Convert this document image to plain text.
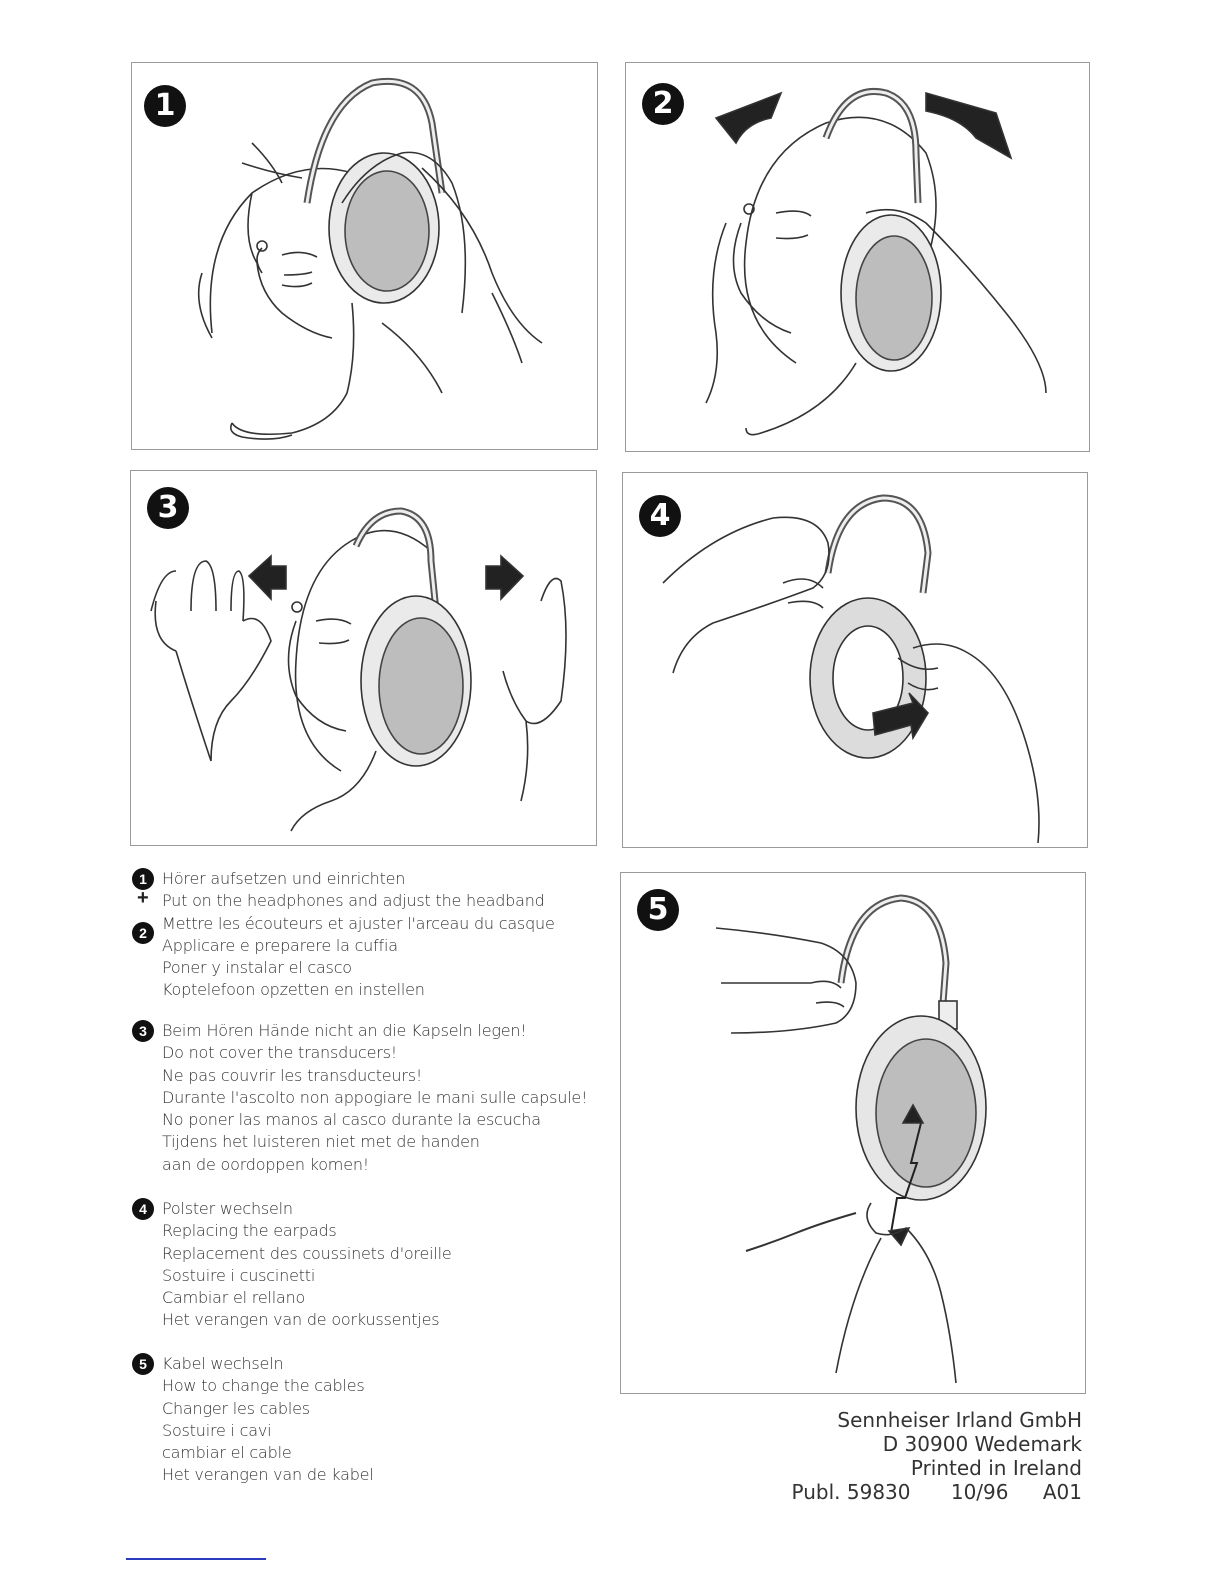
1	2
3	4
5
1
+
2
Hörer aufsetzen und einrichten
Put on the headphones and adjust the headband
Mettre les écouteurs et ajuster l'arceau du casque
Applicare e preparere la cuffia
Poner y instalar el casco
Koptelefoon opzetten en instellen
3 Beim Hören Hände nicht an die Kapseln legen!
Do not cover the transducers!
Ne pas couvrir les transducteurs!
Durante l'ascolto non appogiare le mani sulle capsule!
No poner las manos al casco durante la escucha
Tijdens het luisteren niet met de handen
aan de oordoppen komen!
4 Polster wechseln
Replacing the earpads
Replacement des coussinets d'oreille
Sostuire i cuscinetti
Cambiar el rellano
Het verangen van de oorkussentjes
5 Kabel wechseln
How to change the cables
Changer les cables
Sostuire i cavi
cambiar el cable
Het verangen van de kabel
Sennheiser Irland GmbH
D 30900 Wedemark
Printed in Ireland
Publ. 59830 10/96 A01
